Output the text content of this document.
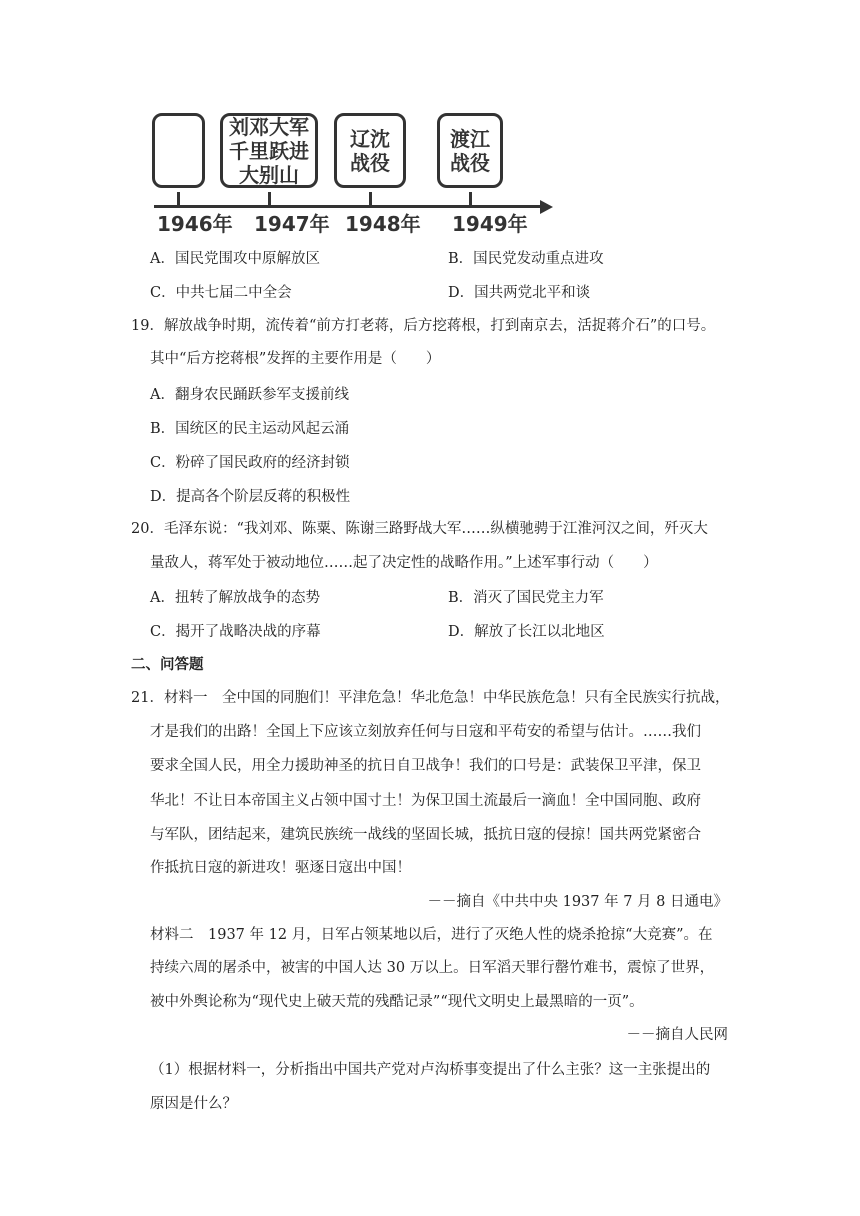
刘邓大军
千里跃进
大别山
辽沈
战役
渡江
战役
1946年 1947年 1948年 1949年
A．国民党围攻中原解放区	B．国民党发动重点进攻
C．中共七届二中全会	D．国共两党北平和谈
19．解放战争时期，流传着“前方打老蒋，后方挖蒋根，打到南京去，活捉蒋介石”的口号。
其中“后方挖蒋根”发挥的主要作用是（　　）
A．翻身农民踊跃参军支援前线
B．国统区的民主运动风起云涌
C．粉碎了国民政府的经济封锁
D．提高各个阶层反蒋的积极性
20．毛泽东说：“我刘邓、陈粟、陈谢三路野战大军……纵横驰骋于江淮河汉之间，歼灭大
量敌人，蒋军处于被动地位……起了决定性的战略作用。”上述军事行动（　　）
A．扭转了解放战争的态势	B．消灭了国民党主力军
C．揭开了战略决战的序幕	D．解放了长江以北地区
二、问答题
21．材料一　全中国的同胞们！平津危急！华北危急！中华民族危急！只有全民族实行抗战，
才是我们的出路！全国上下应该立刻放弃任何与日寇和平苟安的希望与估计。……我们
要求全国人民，用全力援助神圣的抗日自卫战争！我们的口号是：武装保卫平津，保卫
华北！不让日本帝国主义占领中国寸土！为保卫国土流最后一滴血！全中国同胞、政府
与军队，团结起来，建筑民族统一战线的坚固长城，抵抗日寇的侵掠！国共两党紧密合
作抵抗日寇的新进攻！驱逐日寇出中国！
－－摘自《中共中央 1937 年 7 月 8 日通电》
材料二　1937 年 12 月，日军占领某地以后，进行了灭绝人性的烧杀抢掠“大竞赛”。在
持续六周的屠杀中，被害的中国人达 30 万以上。日军滔天罪行罄竹难书，震惊了世界，
被中外舆论称为“现代史上破天荒的残酷记录”“现代文明史上最黑暗的一页”。
－－摘自人民网
（1）根据材料一，分析指出中国共产党对卢沟桥事变提出了什么主张？这一主张提出的
原因是什么？
